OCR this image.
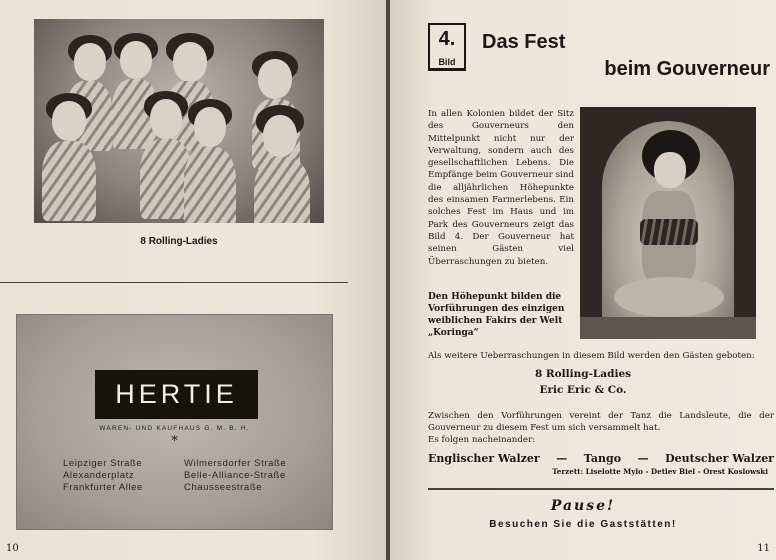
8 Rolling-Ladies
HERTIE
WAREN- UND KAUFHAUS G. M. B. H.
*
Leipziger Straße
Alexanderplatz
Frankfurter Allee
Wilmersdorfer Straße
Belle-Alliance-Straße
Chausseestraße
10
4.
Bild
Das Fest
beim Gouverneur
In allen Kolonien bildet der Sitz des Gouverneurs den Mittelpunkt nicht nur der Verwaltung, sondern auch des gesellschaftlichen Lebens. Die Empfänge beim Gouverneur sind die alljährlichen Höhepunkte des einsamen Farmerlebens. Ein solches Fest im Haus und im Park des Gouverneurs zeigt das Bild 4. Der Gouverneur hat seinen Gästen viel Überraschungen zu bieten.
Den Höhepunkt bilden die Vorführungen des einzigen weiblichen Fakirs der Welt „Koringa“
Als weitere Ueberraschungen in diesem Bild werden den Gästen geboten:
8 Rolling-Ladies
Eric Eric & Co.
Zwischen den Vorführungen vereint der Tanz die Landsleute, die der
Gouverneur zu diesem Fest um sich versammelt hat.
Es folgen nacheinander:
Englischer Walzer — Tango — Deutscher Walzer
Terzett: Liselotte Mylo - Detlev Biel - Orest Koslowski
Pause!
Besuchen Sie die Gaststätten!
11
